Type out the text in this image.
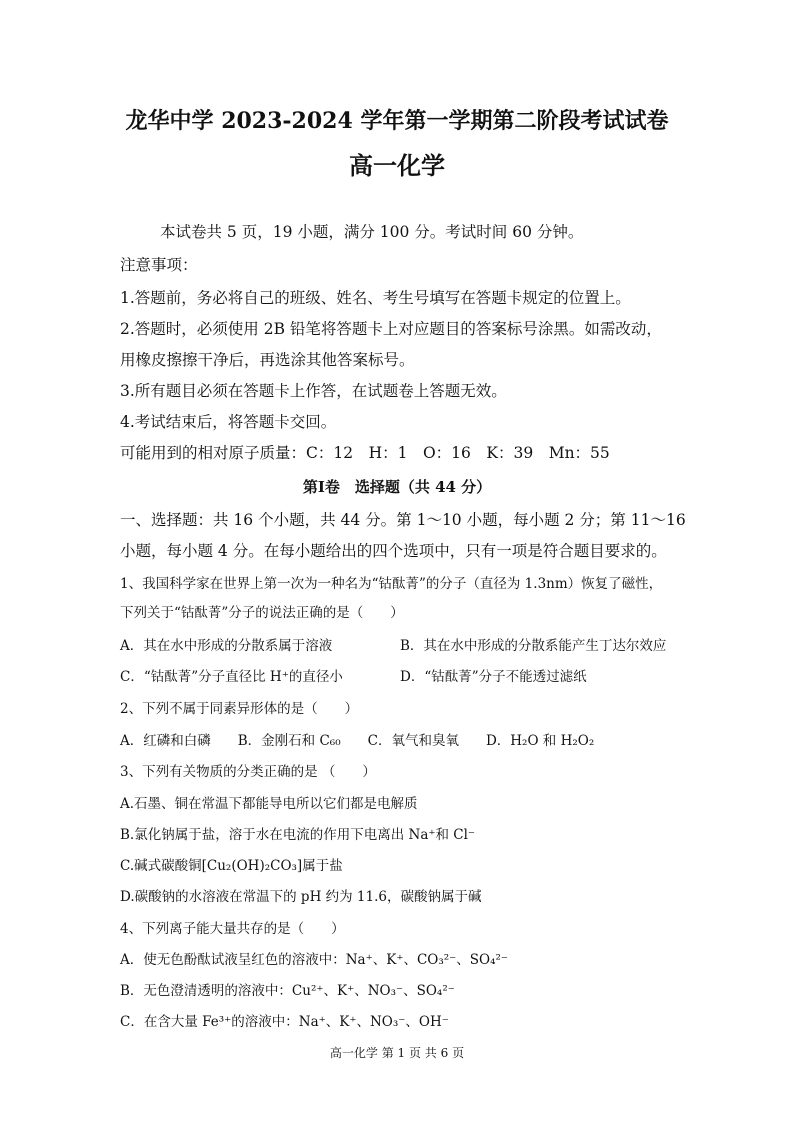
龙华中学 2023-2024 学年第一学期第二阶段考试试卷
高一化学
本试卷共 5 页，19 小题，满分 100 分。考试时间 60 分钟。
注意事项：
1.答题前，务必将自己的班级、姓名、考生号填写在答题卡规定的位置上。
2.答题时，必须使用 2B 铅笔将答题卡上对应题目的答案标号涂黑。如需改动，
用橡皮擦擦干净后，再选涂其他答案标号。
3.所有题目必须在答题卡上作答，在试题卷上答题无效。
4.考试结束后，将答题卡交回。
可能用到的相对原子质量：C：12　H：1　O：16　K：39　Mn：55
第Ⅰ卷　选择题（共 44 分）
一、选择题：共 16 个小题，共 44 分。第 1～10 小题，每小题 2 分；第 11～16
小题，每小题 4 分。在每小题给出的四个选项中，只有一项是符合题目要求的。
1、我国科学家在世界上第一次为一种名为“钴酞菁”的分子（直径为 1.3nm）恢复了磁性，
下列关于“钴酞菁”分子的说法正确的是（　　）
A．其在水中形成的分散系属于溶液	B．其在水中形成的分散系能产生丁达尔效应
C．“钴酞菁”分子直径比 H⁺的直径小	D．“钴酞菁”分子不能透过滤纸
2、下列不属于同素异形体的是（　　）
A．红磷和白磷　　B．金刚石和 C₆₀　　C．氧气和臭氧　　D．H₂O 和 H₂O₂
3、下列有关物质的分类正确的是 （　　）
A.石墨、铜在常温下都能导电所以它们都是电解质
B.氯化钠属于盐，溶于水在电流的作用下电离出 Na⁺和 Cl⁻
C.碱式碳酸铜[Cu₂(OH)₂CO₃]属于盐
D.碳酸钠的水溶液在常温下的 pH 约为 11.6，碳酸钠属于碱
4、下列离子能大量共存的是（　　）
A．使无色酚酞试液呈红色的溶液中：Na⁺、K⁺、CO₃²⁻、SO₄²⁻
B．无色澄清透明的溶液中：Cu²⁺、K⁺、NO₃⁻、SO₄²⁻
C．在含大量 Fe³⁺的溶液中：Na⁺、K⁺、NO₃⁻、OH⁻
高一化学 第 1 页 共 6 页
